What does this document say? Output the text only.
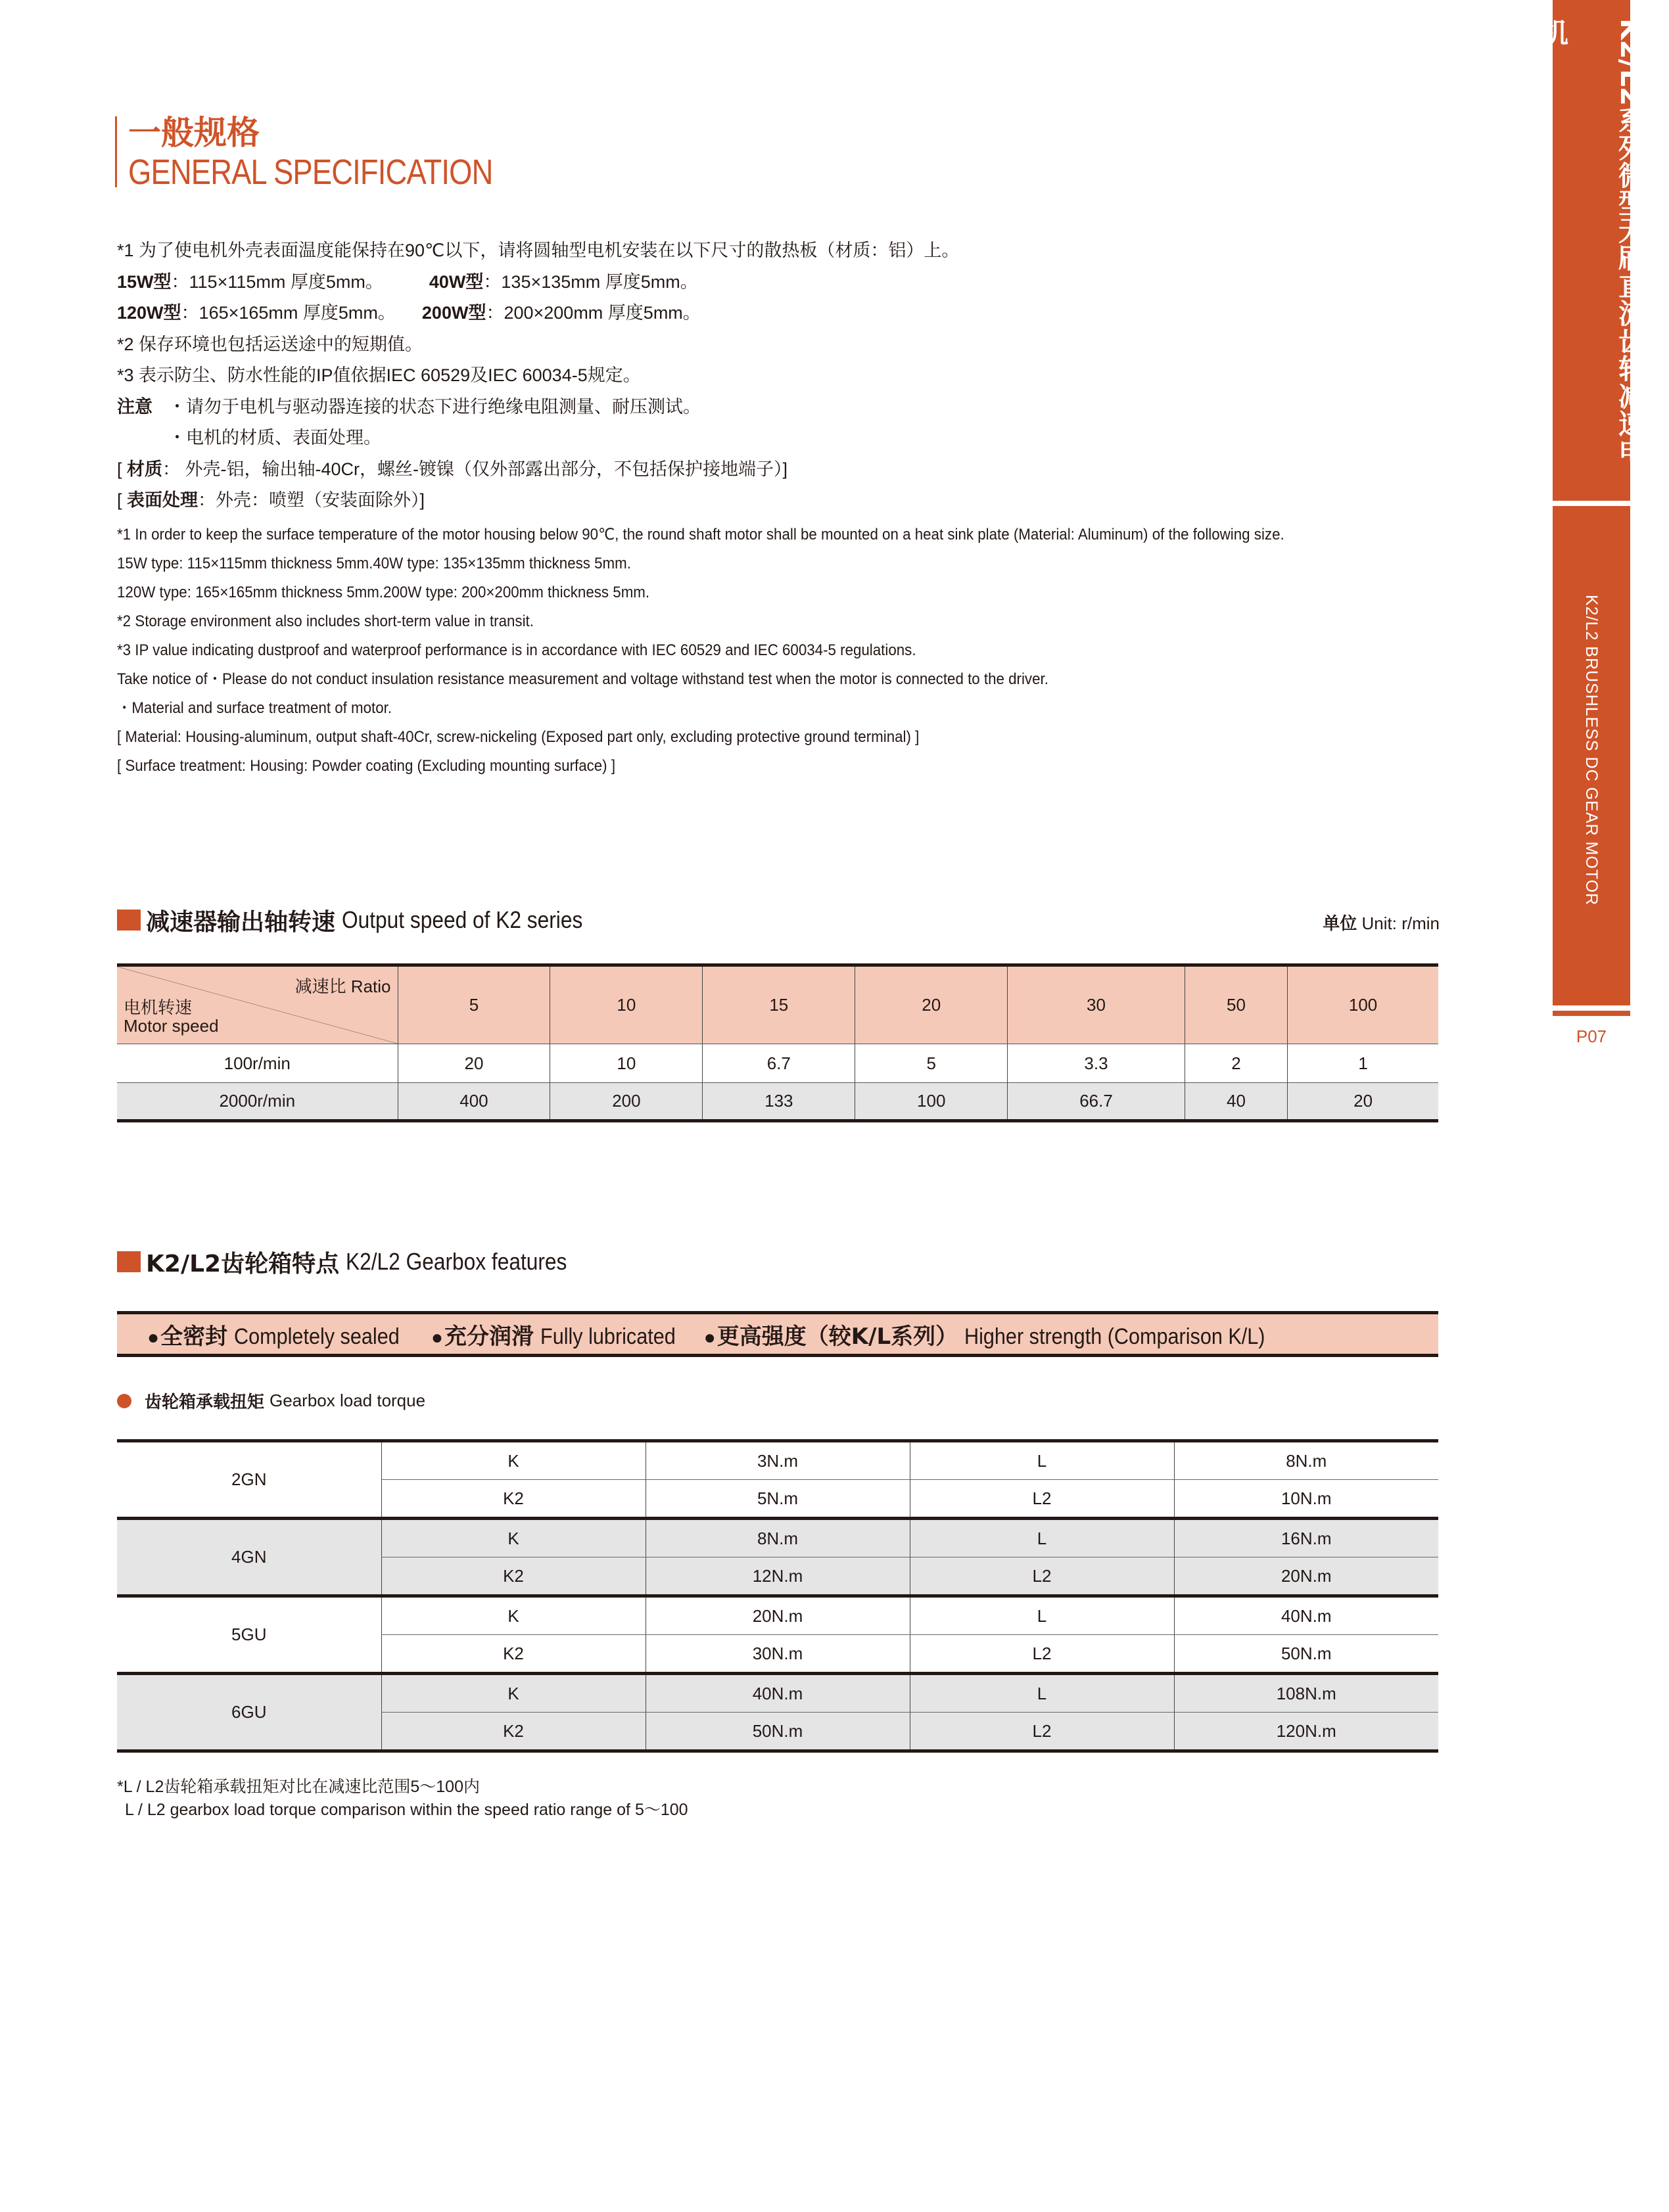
K2/L2系列微型无刷直流齿轮减速电机
K2/L2 BRUSHLESS DC GEAR MOTOR
P07
一般规格
GENERAL SPECIFICATION
*1 为了使电机外壳表面温度能保持在90℃以下，请将圆轴型电机安装在以下尺寸的散热板（材质：铝）上。
15W型：115×115mm 厚度5mm。	40W型：135×135mm 厚度5mm。
120W型：165×165mm 厚度5mm。 200W型：200×200mm 厚度5mm。
*2 保存环境也包括运送途中的短期值。
*3 表示防尘、防水性能的IP值依据IEC 60529及IEC 60034-5规定。
注意 ・请勿于电机与驱动器连接的状态下进行绝缘电阻测量、耐压测试。
・电机的材质、表面处理。
[ 材质： 外壳-铝，输出轴-40Cr，螺丝-镀镍（仅外部露出部分，不包括保护接地端子）]
[ 表面处理：外壳：喷塑（安装面除外）]
*1 In order to keep the surface temperature of the motor housing below 90℃, the round shaft motor shall be mounted on a heat sink plate (Material: Aluminum) of the following size.
15W type: 115×115mm thickness 5mm.40W type: 135×135mm thickness 5mm.
120W type: 165×165mm thickness 5mm.200W type: 200×200mm thickness 5mm.
*2 Storage environment also includes short-term value in transit.
*3 IP value indicating dustproof and waterproof performance is in accordance with IEC 60529 and IEC 60034-5 regulations.
Take notice of・Please do not conduct insulation resistance measurement and voltage withstand test when the motor is connected to the driver.
・Material and surface treatment of motor.
[ Material: Housing-aluminum, output shaft-40Cr, screw-nickeling (Exposed part only, excluding protective ground terminal) ]
[ Surface treatment: Housing: Powder coating (Excluding mounting surface) ]
减速器输出轴转速 Output speed of K2 series	单位 Unit: r/min
减速比 Ratio
电机转速
Motor speed	5	10	15	20	30	50	100
100r/min	20	10	6.7	5	3.3	2	1
2000r/min	400	200	133	100	66.7	40	20
K2/L2齿轮箱特点 K2/L2 Gearbox features
● 全密封 Completely sealed ● 充分润滑 Fully lubricated ● 更高强度（较K/L系列） Higher strength (Comparison K/L)
齿轮箱承载扭矩 Gearbox load torque
2GN	K	3N.m	L	8N.m
	K2	5N.m	L2	10N.m
4GN	K	8N.m	L	16N.m
	K2	12N.m	L2	20N.m
5GU	K	20N.m	L	40N.m
	K2	30N.m	L2	50N.m
6GU	K	40N.m	L	108N.m
	K2	50N.m	L2	120N.m
*L / L2齿轮箱承载扭矩对比在减速比范围5～100内
L / L2 gearbox load torque comparison within the speed ratio range of 5～100
